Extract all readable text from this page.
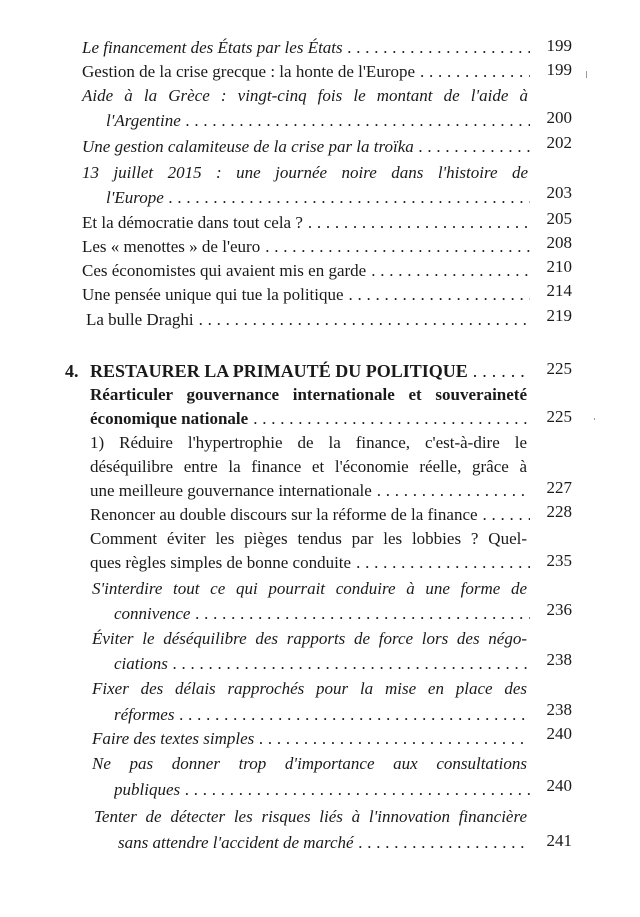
Le financement des États par les États . . .	199
Gestion de la crise grecque : la honte de l'Europe . . .	199
Aide à la Grèce : vingt-cinq fois le montant de l'aide à
l'Argentine . . .	200
Une gestion calamiteuse de la crise par la troïka . . .	202
13 juillet 2015 : une journée noire dans l'histoire de
l'Europe . . .	203
Et la démocratie dans tout cela ? . . .	205
Les « menottes » de l'euro . . .	208
Ces économistes qui avaient mis en garde . . .	210
Une pensée unique qui tue la politique . . .	214
La bulle Draghi . . .	219
4. RESTAURER LA PRIMAUTÉ DU POLITIQUE . . .	225
Réarticuler gouvernance internationale et souveraineté
économique nationale . . .	225
1) Réduire l'hypertrophie de la finance, c'est-à-dire le
déséquilibre entre la finance et l'économie réelle, grâce à
une meilleure gouvernance internationale . . .	227
Renoncer au double discours sur la réforme de la finance . . .	228
Comment éviter les pièges tendus par les lobbies ? Quel-
ques règles simples de bonne conduite . . .	235
S'interdire tout ce qui pourrait conduire à une forme de
connivence . . .	236
Éviter le déséquilibre des rapports de force lors des négo-
ciations . . .	238
Fixer des délais rapprochés pour la mise en place des
réformes . . .	238
Faire des textes simples . . .	240
Ne pas donner trop d'importance aux consultations
publiques . . .	240
Tenter de détecter les risques liés à l'innovation financière
sans attendre l'accident de marché . . .	241
